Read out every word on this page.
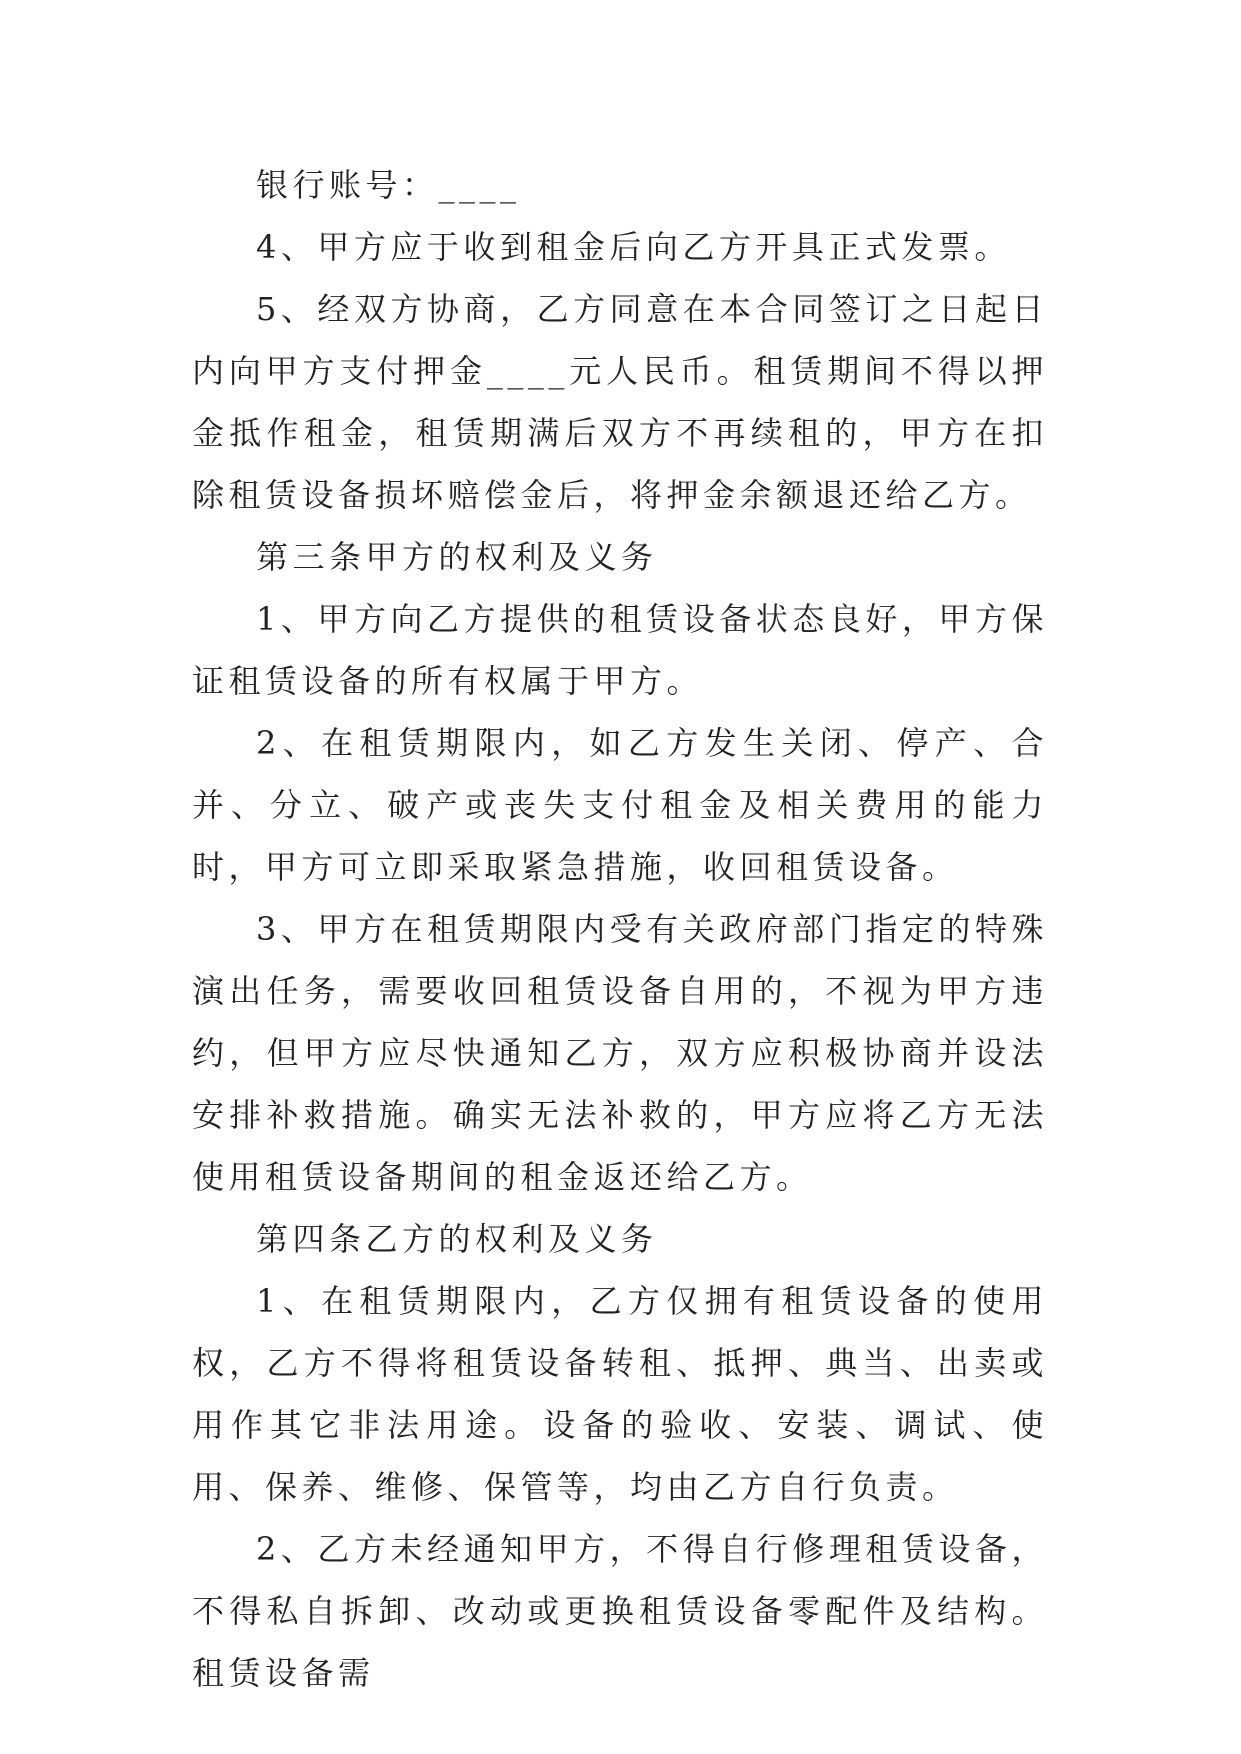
银行账号：____

4、甲方应于收到租金后向乙方开具正式发票。

5、经双方协商，乙方同意在本合同签订之日起日内向甲方支付押金____元人民币。租赁期间不得以押金抵作租金，租赁期满后双方不再续租的，甲方在扣除租赁设备损坏赔偿金后，将押金余额退还给乙方。

第三条甲方的权利及义务

1、甲方向乙方提供的租赁设备状态良好，甲方保证租赁设备的所有权属于甲方。

2、在租赁期限内，如乙方发生关闭、停产、合并、分立、破产或丧失支付租金及相关费用的能力时，甲方可立即采取紧急措施，收回租赁设备。

3、甲方在租赁期限内受有关政府部门指定的特殊演出任务，需要收回租赁设备自用的，不视为甲方违约，但甲方应尽快通知乙方，双方应积极协商并设法安排补救措施。确实无法补救的，甲方应将乙方无法使用租赁设备期间的租金返还给乙方。

第四条乙方的权利及义务

1、在租赁期限内，乙方仅拥有租赁设备的使用权，乙方不得将租赁设备转租、抵押、典当、出卖或用作其它非法用途。设备的验收、安装、调试、使用、保养、维修、保管等，均由乙方自行负责。

2、乙方未经通知甲方，不得自行修理租赁设备，不得私自拆卸、改动或更换租赁设备零配件及结构。租赁设备需
